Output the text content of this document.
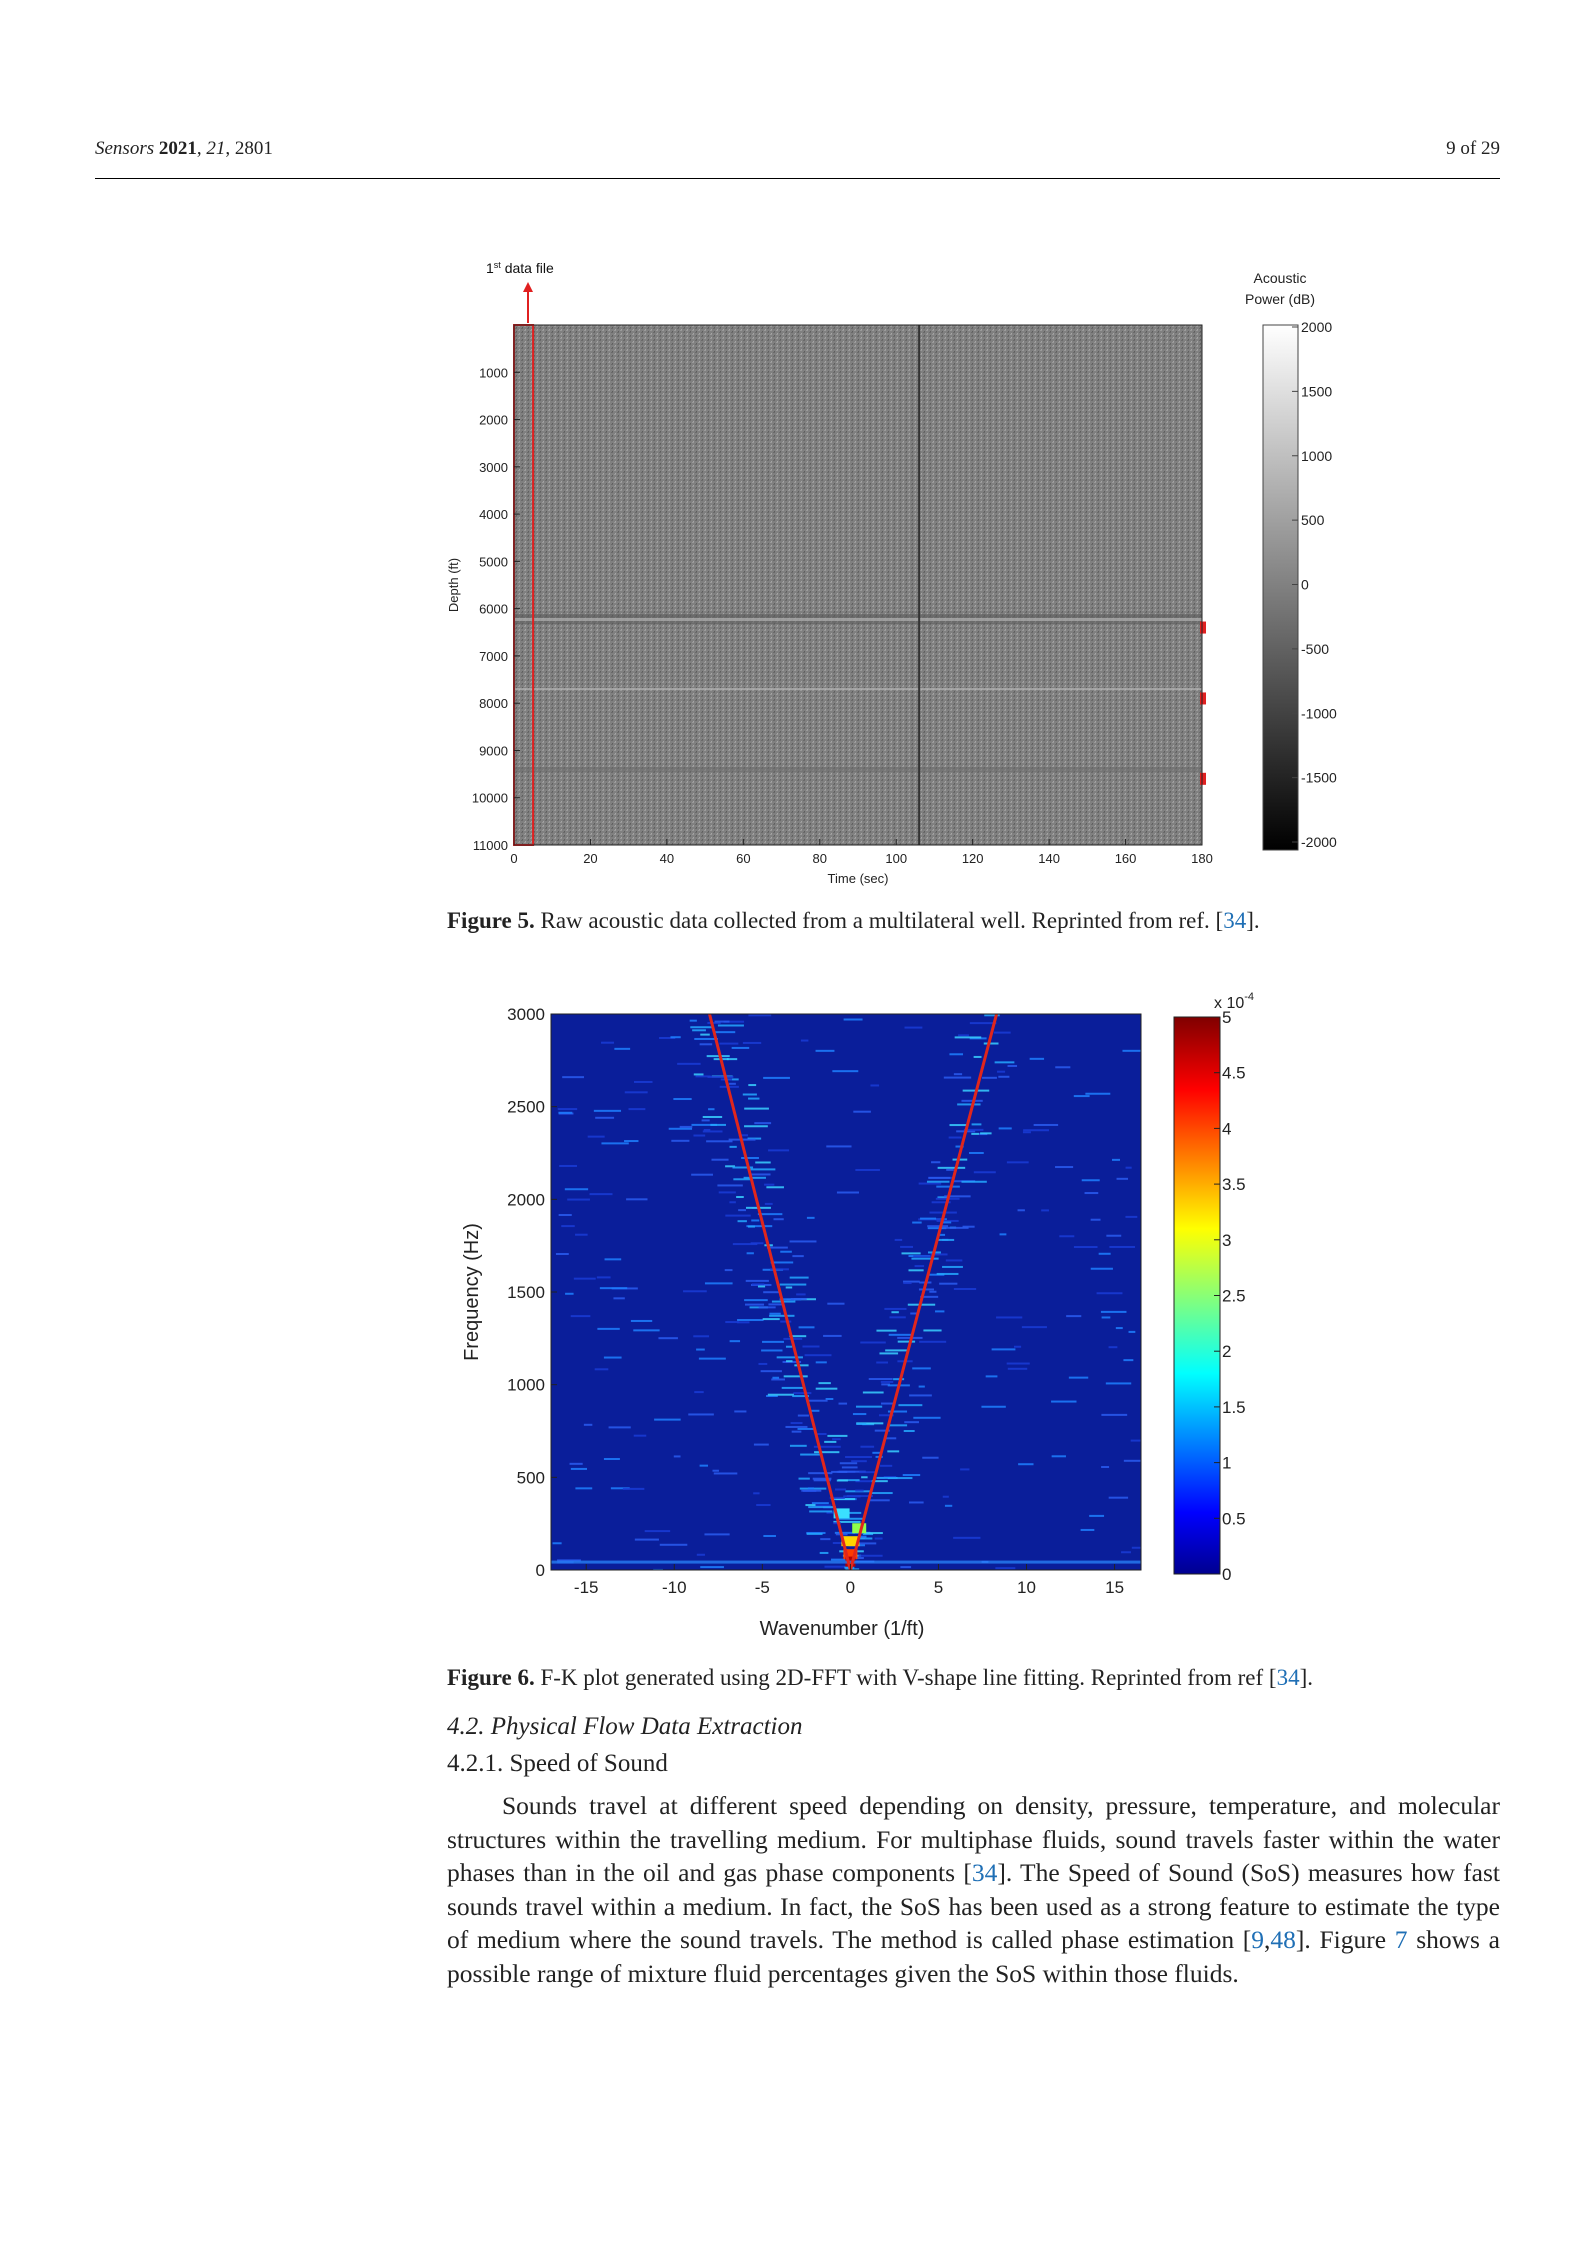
Sensors 2021, 21, 2801	9 of 29
1st data file
0	20	40	60	80	100	120	140	160	180
1000
2000
3000
4000
5000
6000
7000
8000
9000
10000
11000
Time (sec)
Depth (ft)
Acoustic
Power (dB)
2000
1500
1000
500
0
-500
-1000
-1500
-2000
Figure 5. Raw acoustic data collected from a multilateral well. Reprinted from ref. [34].
-15	-10	-5	0	5	10	15
0
500
1000
1500
2000
2500
3000
Wavenumber (1/ft)
Frequency (Hz)
x $10^{-4}$
5
4.5
4
3.5
3
2.5
2
1.5
1
0.5
0
Figure 6. F-K plot generated using 2D-FFT with V-shape line fitting. Reprinted from ref [34].
4.2. Physical Flow Data Extraction
4.2.1. Speed of Sound

Sounds travel at different speed depending on density, pressure, temperature, and molecular structures within the travelling medium. For multiphase fluids, sound travels faster within the water phases than in the oil and gas phase components [34]. The Speed of Sound (SoS) measures how fast sounds travel within a medium. In fact, the SoS has been used as a strong feature to estimate the type of medium where the sound travels. The method is called phase estimation [9,48]. Figure 7 shows a possible range of mixture fluid percentages given the SoS within those fluids.
